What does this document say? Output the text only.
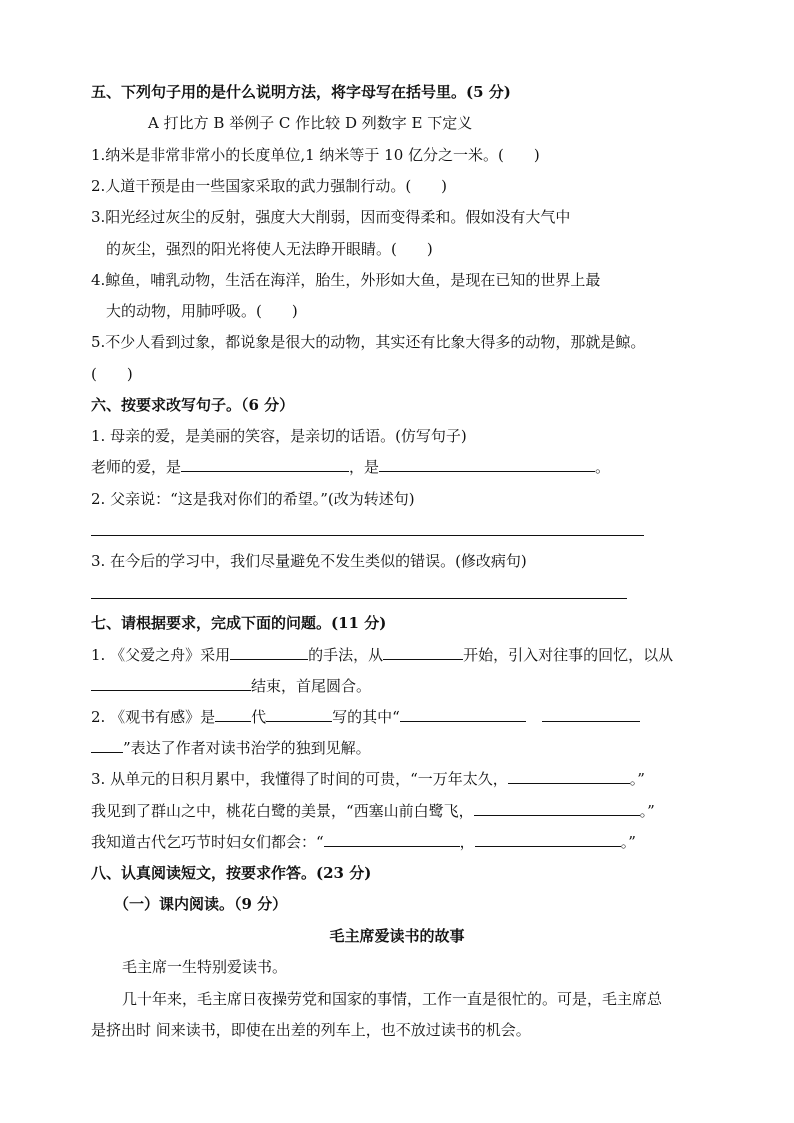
五、下列句子用的是什么说明方法，将字母写在括号里。(5 分)
A 打比方 B 举例子 C 作比较 D 列数字 E 下定义
1.纳米是非常非常小的长度单位,1 纳米等于 10 亿分之一米。(　　)
2.人道干预是由一些国家采取的武力强制行动。(　　)
3.阳光经过灰尘的反射，强度大大削弱，因而变得柔和。假如没有大气中
的灰尘，强烈的阳光将使人无法睁开眼睛。(　　)
4.鲸鱼，哺乳动物，生活在海洋，胎生，外形如大鱼，是现在已知的世界上最
大的动物，用肺呼吸。(　　)
5.不少人看到过象，都说象是很大的动物，其实还有比象大得多的动物，那就是鲸。
(　　)
六、按要求改写句子。（6 分）
1. 母亲的爱，是美丽的笑容，是亲切的话语。(仿写句子)
老师的爱，是	，是	。
2. 父亲说：“这是我对你们的希望。”(改为转述句)
3. 在今后的学习中，我们尽量避免不发生类似的错误。(修改病句)
七、请根据要求，完成下面的问题。(11 分)
1. 《父爱之舟》采用	的手法，从	开始，引入对往事的回忆，以从
结束，首尾圆合。
2. 《观书有感》是 代	写的其中“
”表达了作者对读书治学的独到见解。
3. 从单元的日积月累中，我懂得了时间的可贵，“一万年太久，	。”
我见到了群山之中，桃花白鹭的美景，“西塞山前白鹭飞，	。”
我知道古代乞巧节时妇女们都会：“	，	。”
八、认真阅读短文，按要求作答。(23 分)
（一）课内阅读。（9 分）
毛主席爱读书的故事
毛主席一生特别爱读书。
几十年来，毛主席日夜操劳党和国家的事情，工作一直是很忙的。可是，毛主席总
是挤出时 间来读书，即使在出差的列车上，也不放过读书的机会。
